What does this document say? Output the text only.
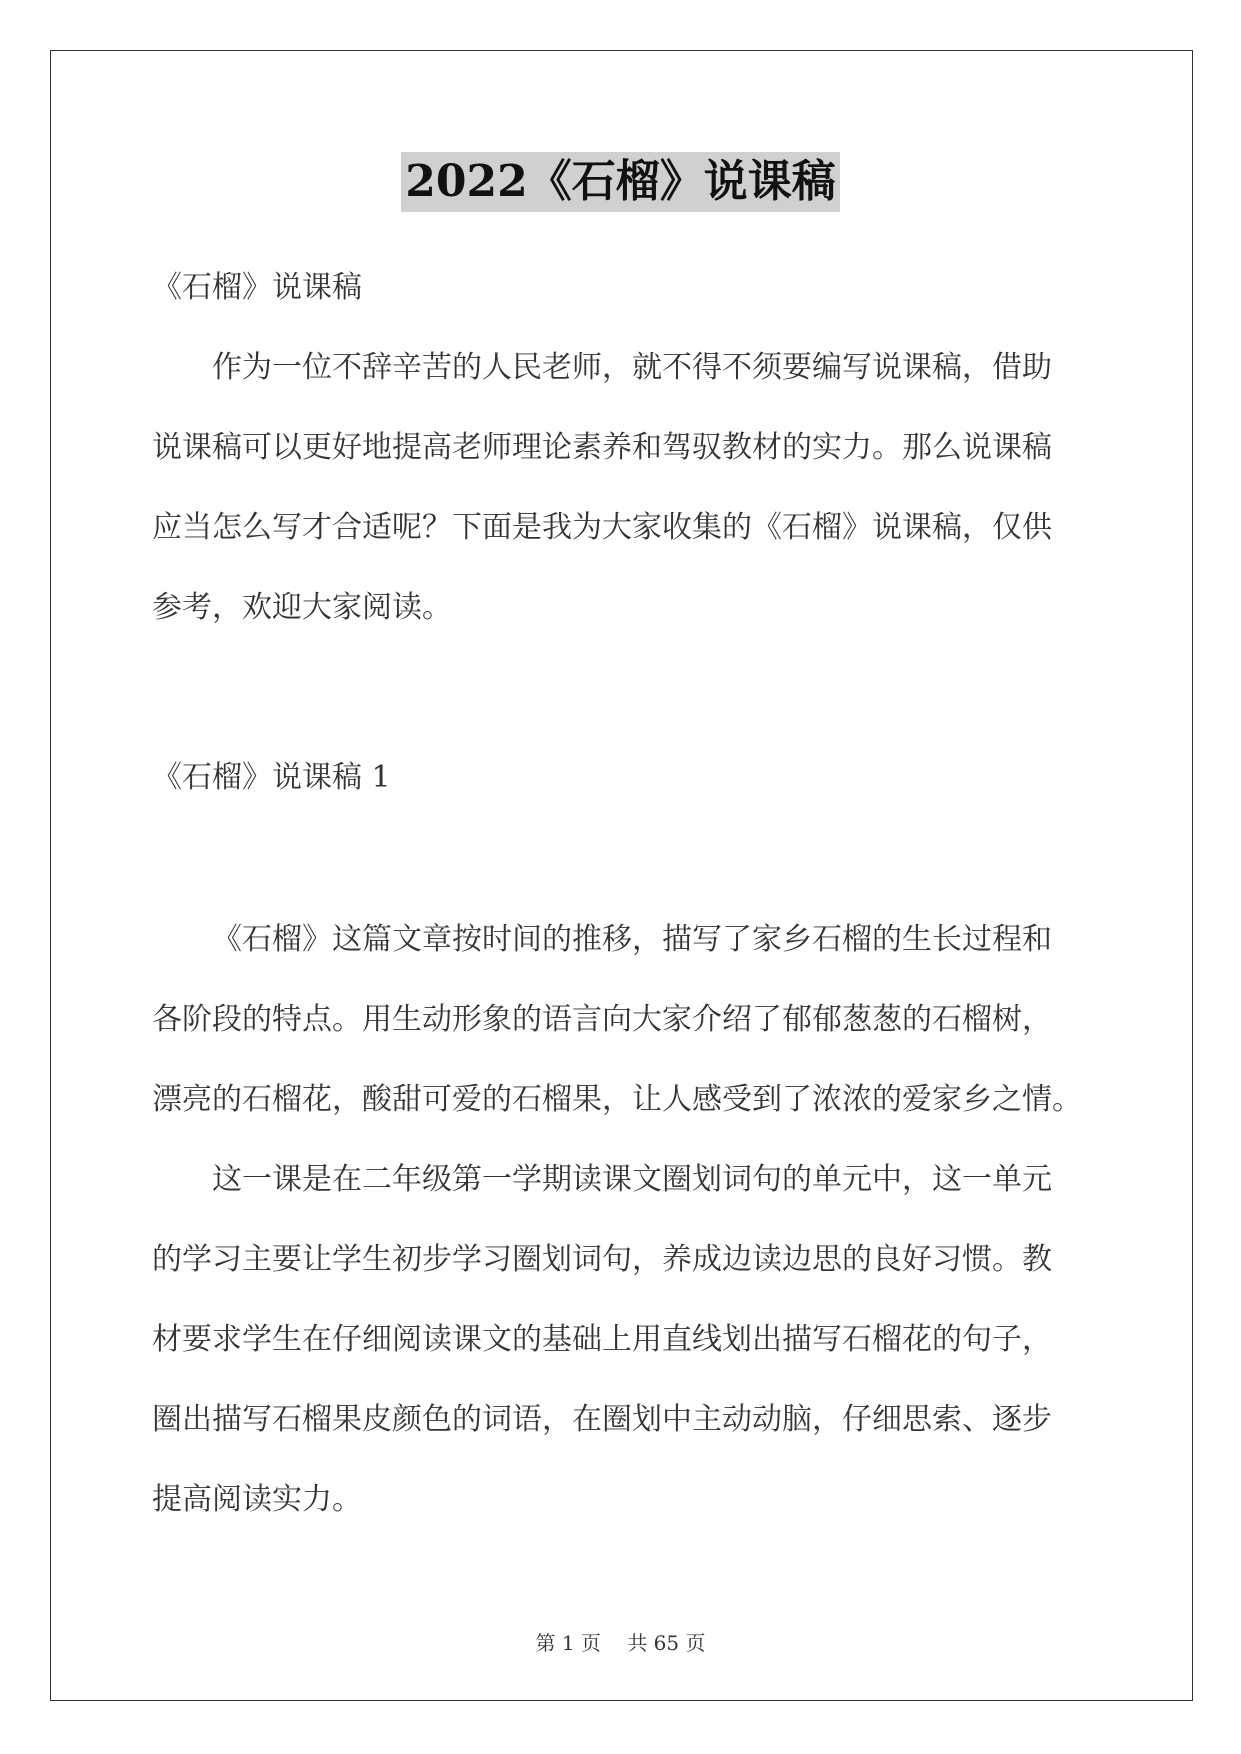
2022《石榴》说课稿
《石榴》说课稿
作为一位不辞辛苦的人民老师，就不得不须要编写说课稿，借助
说课稿可以更好地提高老师理论素养和驾驭教材的实力。那么说课稿
应当怎么写才合适呢？下面是我为大家收集的《石榴》说课稿，仅供
参考，欢迎大家阅读。
《石榴》说课稿 1
《石榴》这篇文章按时间的推移，描写了家乡石榴的生长过程和
各阶段的特点。用生动形象的语言向大家介绍了郁郁葱葱的石榴树，
漂亮的石榴花，酸甜可爱的石榴果，让人感受到了浓浓的爱家乡之情。
这一课是在二年级第一学期读课文圈划词句的单元中，这一单元
的学习主要让学生初步学习圈划词句，养成边读边思的良好习惯。教
材要求学生在仔细阅读课文的基础上用直线划出描写石榴花的句子，
圈出描写石榴果皮颜色的词语，在圈划中主动动脑，仔细思索、逐步
提高阅读实力。
第 1 页 共 65 页
